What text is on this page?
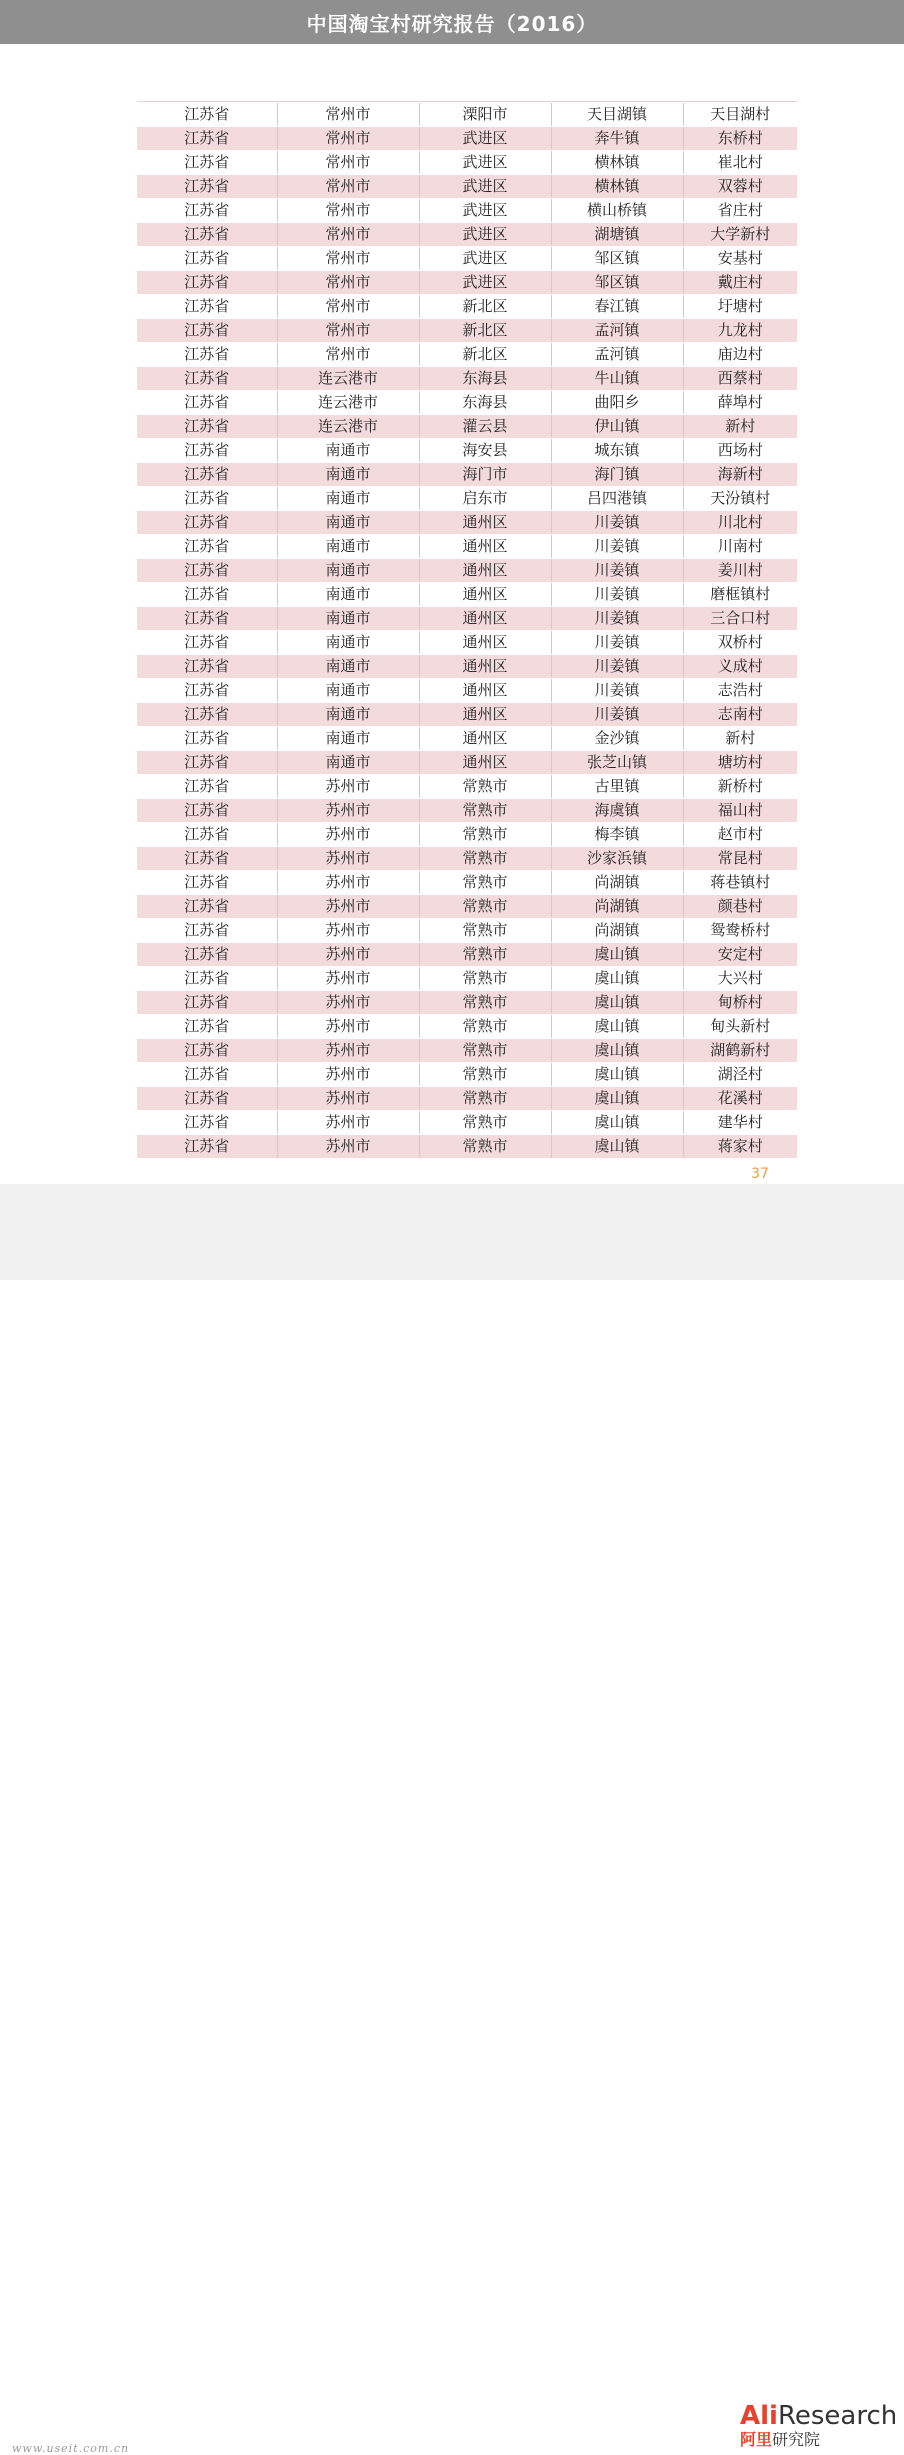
中国淘宝村研究报告（2016）
江苏省	常州市	溧阳市	天目湖镇	天目湖村
江苏省	常州市	武进区	奔牛镇	东桥村
江苏省	常州市	武进区	横林镇	崔北村
江苏省	常州市	武进区	横林镇	双蓉村
江苏省	常州市	武进区	横山桥镇	省庄村
江苏省	常州市	武进区	湖塘镇	大学新村
江苏省	常州市	武进区	邹区镇	安基村
江苏省	常州市	武进区	邹区镇	戴庄村
江苏省	常州市	新北区	春江镇	圩塘村
江苏省	常州市	新北区	孟河镇	九龙村
江苏省	常州市	新北区	孟河镇	庙边村
江苏省	连云港市	东海县	牛山镇	西蔡村
江苏省	连云港市	东海县	曲阳乡	薛埠村
江苏省	连云港市	灌云县	伊山镇	新村
江苏省	南通市	海安县	城东镇	西场村
江苏省	南通市	海门市	海门镇	海新村
江苏省	南通市	启东市	吕四港镇	天汾镇村
江苏省	南通市	通州区	川姜镇	川北村
江苏省	南通市	通州区	川姜镇	川南村
江苏省	南通市	通州区	川姜镇	姜川村
江苏省	南通市	通州区	川姜镇	磨框镇村
江苏省	南通市	通州区	川姜镇	三合口村
江苏省	南通市	通州区	川姜镇	双桥村
江苏省	南通市	通州区	川姜镇	义成村
江苏省	南通市	通州区	川姜镇	志浩村
江苏省	南通市	通州区	川姜镇	志南村
江苏省	南通市	通州区	金沙镇	新村
江苏省	南通市	通州区	张芝山镇	塘坊村
江苏省	苏州市	常熟市	古里镇	新桥村
江苏省	苏州市	常熟市	海虞镇	福山村
江苏省	苏州市	常熟市	梅李镇	赵市村
江苏省	苏州市	常熟市	沙家浜镇	常昆村
江苏省	苏州市	常熟市	尚湖镇	蒋巷镇村
江苏省	苏州市	常熟市	尚湖镇	颜巷村
江苏省	苏州市	常熟市	尚湖镇	鸳鸯桥村
江苏省	苏州市	常熟市	虞山镇	安定村
江苏省	苏州市	常熟市	虞山镇	大兴村
江苏省	苏州市	常熟市	虞山镇	甸桥村
江苏省	苏州市	常熟市	虞山镇	甸头新村
江苏省	苏州市	常熟市	虞山镇	湖鹤新村
江苏省	苏州市	常熟市	虞山镇	湖泾村
江苏省	苏州市	常熟市	虞山镇	花溪村
江苏省	苏州市	常熟市	虞山镇	建华村
江苏省	苏州市	常熟市	虞山镇	蒋家村
37
www.useit.com.cn
AliResearch
阿里研究院
